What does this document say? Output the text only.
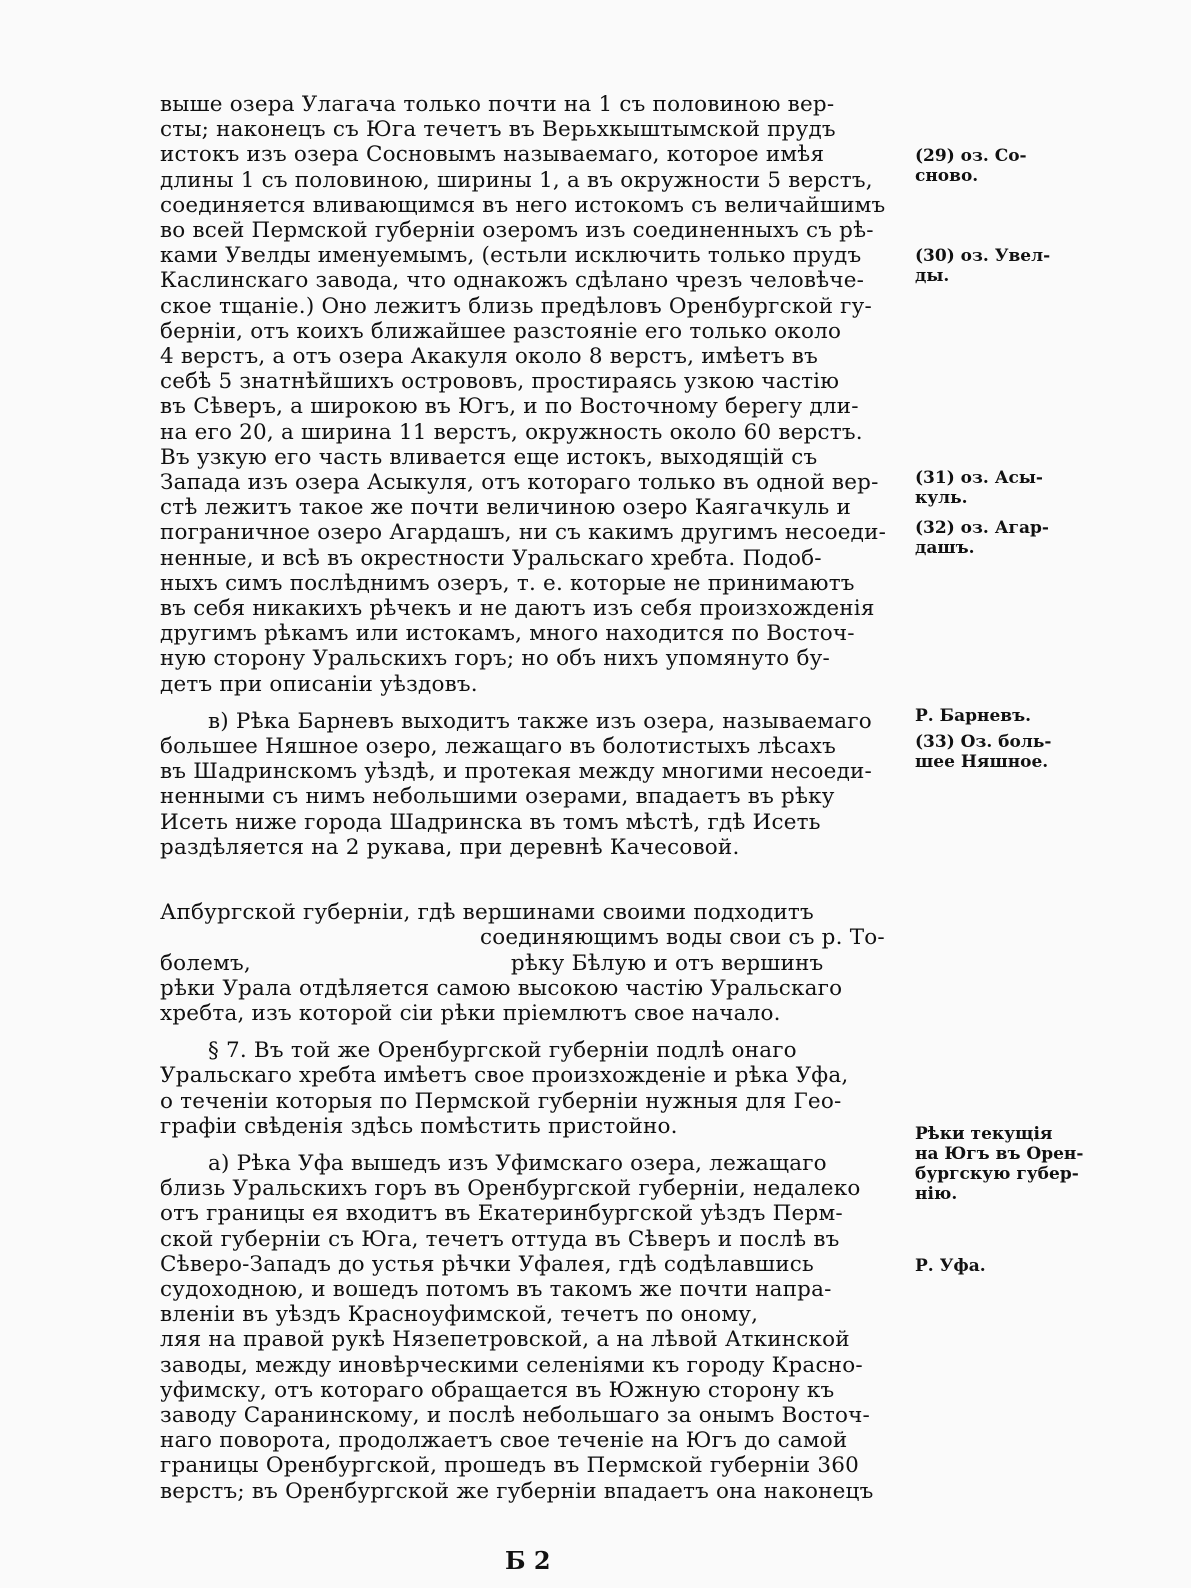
выше озера Улагача только почти на 1 съ половиною вер-
сты; наконецъ съ Юга течетъ въ Верьхкыштымской прудъ
истокъ изъ озера Сосновымъ называемаго, которое имѣя
длины 1 съ половиною, ширины 1, а въ окружности 5 верстъ,
соединяется вливающимся въ него истокомъ съ величайшимъ
во всей Пермской губерніи озеромъ изъ соединенныхъ съ рѣ-
ками Увелды именуемымъ, (естьли исключить только прудъ
Каслинскаго завода, что однакожъ сдѣлано чрезъ человѣче-
ское тщаніе.) Оно лежитъ близь предѣловъ Оренбургской гу-
берніи, отъ коихъ ближайшее разстояніе его только около
4 верстъ, а отъ озера Акакуля около 8 верстъ, имѣетъ въ
себѣ 5 знатнѣйшихъ острововъ, простираясь узкою частію
въ Сѣверъ, а широкою въ Югъ, и по Восточному берегу дли-
на его 20, а ширина 11 верстъ, окружность около 60 верстъ.
Въ узкую его часть вливается еще истокъ, выходящій съ
Запада изъ озера Асыкуля, отъ котораго только въ одной вер-
стѣ лежитъ такое же почти величиною озеро Каягачкуль и
пограничное озеро Агардашъ, ни съ какимъ другимъ несоеди-
ненные, и всѣ въ окрестности Уральскаго хребта. Подоб-
ныхъ симъ послѣднимъ озеръ, т. е. которые не принимаютъ
въ себя никакихъ рѣчекъ и не даютъ изъ себя произхожденія
другимъ рѣкамъ или истокамъ, много находится по Восточ-
ную сторону Уральскихъ горъ; но объ нихъ упомянуто бу-
детъ при описаніи уѣздовъ.
в) Рѣка Барневъ выходитъ также изъ озера, называемаго
большее Няшное озеро, лежащаго въ болотистыхъ лѣсахъ
въ Шадринскомъ уѣздѣ, и протекая между многими несоеди-
ненными съ нимъ небольшими озерами, впадаетъ въ рѣку
Исеть ниже города Шадринска въ томъ мѣстѣ, гдѣ Исеть
раздѣляется на 2 рукава, при деревнѣ Качесовой.
Апбургской губерніи, гдѣ вершинами своими подходитъ
соединяющимъ воды свои съ р. То-
болемъ,	рѣку Бѣлую и отъ вершинъ
рѣки Урала отдѣляется самою высокою частію Уральскаго
хребта, изъ которой сіи рѣки пріемлютъ свое начало.
§ 7. Въ той же Оренбургской губерніи подлѣ онаго
Уральскаго хребта имѣетъ свое произхожденіе и рѣка Уфа,
о теченіи которыя по Пермской губерніи нужныя для Гео-
графіи свѣденія здѣсь помѣстить пристойно.
а) Рѣка Уфа вышедъ изъ Уфимскаго озера, лежащаго
близь Уральскихъ горъ въ Оренбургской губерніи, недалеко
отъ границы ея входитъ въ Екатеринбургской уѣздъ Перм-
ской губерніи съ Юга, течетъ оттуда въ Сѣверъ и послѣ въ
Сѣверо-Западъ до устья рѣчки Уфалея, гдѣ содѣлавшись
судоходною, и вошедъ потомъ въ такомъ же почти напра-
вленіи въ уѣздъ Красноуфимской, течетъ по оному,
ляя на правой рукѣ Нязепетровской, а на лѣвой Аткинской
заводы, между иновѣрческими селеніями къ городу Красно-
уфимску, отъ котораго обращается въ Южную сторону къ
заводу Саранинскому, и послѣ небольшаго за онымъ Восточ-
наго поворота, продолжаетъ свое теченіе на Югъ до самой
границы Оренбургской, прошедъ въ Пермской губерніи 360
верстъ; въ Оренбургской же губерніи впадаетъ она наконецъ
(29) оз. Со-
сново.
(30) оз. Увел-
ды.
(31) оз. Асы-
куль.
(32) оз. Агар-
дашъ.
Р. Барневъ.
(33) Оз. боль-
шее Няшное.
Рѣки текущія
на Югъ въ Орен-
бургскую губер-
нію.
Р. Уфа.
Б 2
